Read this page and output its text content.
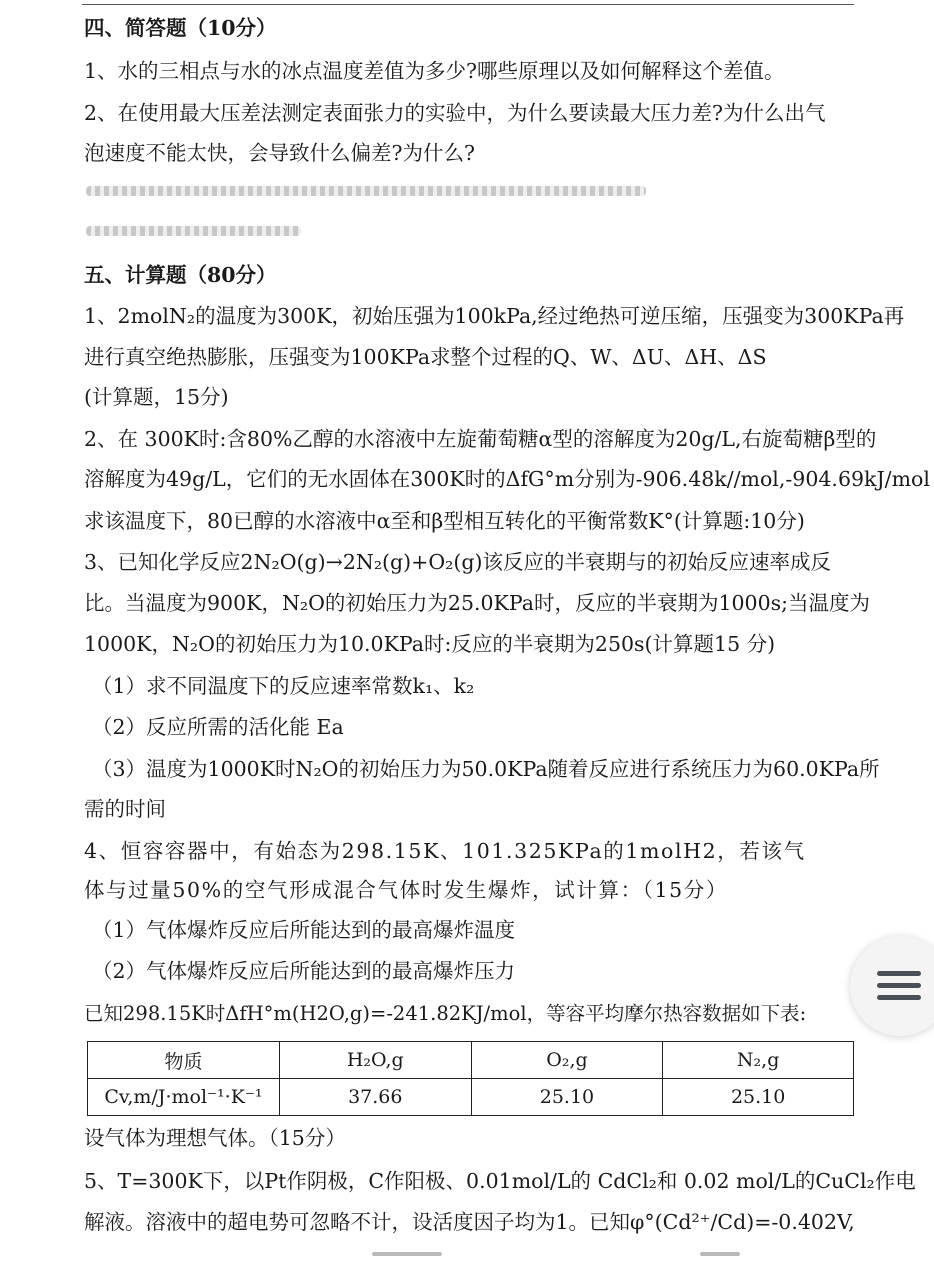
四、简答题（10分）
1、水的三相点与水的冰点温度差值为多少?哪些原理以及如何解释这个差值。
2、在使用最大压差法测定表面张力的实验中，为什么要读最大压力差?为什么出气
泡速度不能太快，会导致什么偏差?为什么?
五、计算题（80分）
1、2molN₂的温度为300K，初始压强为100kPa,经过绝热可逆压缩，压强变为300KPa再
进行真空绝热膨胀，压强变为100KPa求整个过程的Q、W、ΔU、ΔH、ΔS
(计算题，15分)
2、在 300K时:含80%乙醇的水溶液中左旋葡萄糖α型的溶解度为20g/L,右旋萄糖β型的
溶解度为49g/L，它们的无水固体在300K时的ΔfG°m分别为-906.48k//mol,-904.69kJ/mol
求该温度下，80已醇的水溶液中α至和β型相互转化的平衡常数K°(计算题:10分)
3、已知化学反应2N₂O(g)→2N₂(g)+O₂(g)该反应的半衰期与的初始反应速率成反
比。当温度为900K，N₂O的初始压力为25.0KPa时，反应的半衰期为1000s;当温度为
1000K，N₂O的初始压力为10.0KPa时:反应的半衰期为250s(计算题15 分)
（1）求不同温度下的反应速率常数k₁、k₂
（2）反应所需的活化能 Ea
（3）温度为1000K时N₂O的初始压力为50.0KPa随着反应进行系统压力为60.0KPa所
需的时间
4、恒容容器中，有始态为298.15K、101.325KPa的1molH2，若该气
体与过量50%的空气形成混合气体时发生爆炸，试计算：（15分）
（1）气体爆炸反应后所能达到的最高爆炸温度
（2）气体爆炸反应后所能达到的最高爆炸压力
已知298.15K时ΔfH°m(H2O,g)=-241.82KJ/mol，等容平均摩尔热容数据如下表:
物质	H₂O,g	O₂,g	N₂,g
Cv,m/J·mol⁻¹·K⁻¹	37.66	25.10	25.10
设气体为理想气体。（15分）
5、T=300K下，以Pt作阴极，C作阳极、0.01mol/L的 CdCl₂和 0.02 mol/L的CuCl₂作电
解液。溶液中的超电势可忽略不计，设活度因子均为1。已知φ°(Cd²⁺/Cd)=-0.402V,
